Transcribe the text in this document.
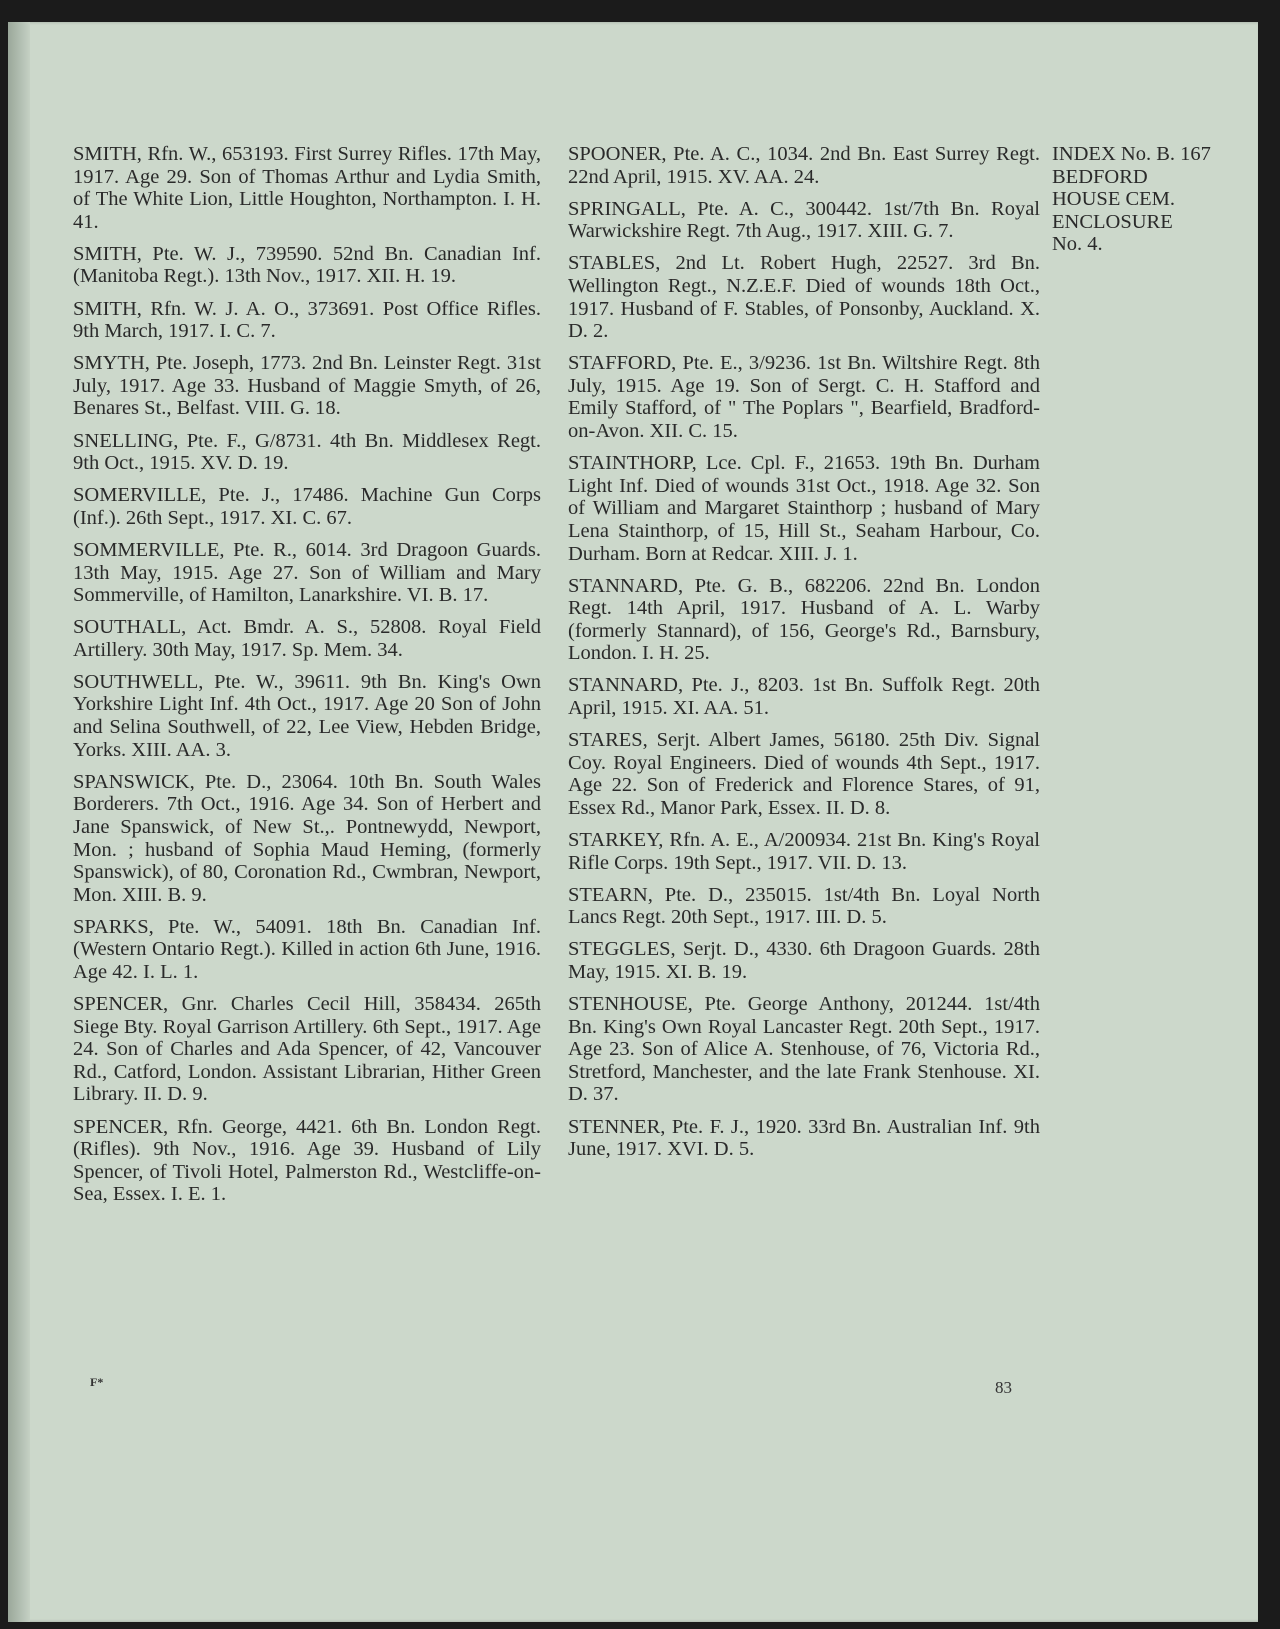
SMITH, Rfn. W., 653193. First Surrey Rifles. 17th May, 1917. Age 29. Son of Thomas Arthur and Lydia Smith, of The White Lion, Little Houghton, Northampton. I. H. 41.

SMITH, Pte. W. J., 739590. 52nd Bn. Canadian Inf. (Manitoba Regt.). 13th Nov., 1917. XII. H. 19.

SMITH, Rfn. W. J. A. O., 373691. Post Office Rifles. 9th March, 1917. I. C. 7.

SMYTH, Pte. Joseph, 1773. 2nd Bn. Leinster Regt. 31st July, 1917. Age 33. Husband of Maggie Smyth, of 26, Benares St., Belfast. VIII. G. 18.

SNELLING, Pte. F., G/8731. 4th Bn. Middlesex Regt. 9th Oct., 1915. XV. D. 19.

SOMERVILLE, Pte. J., 17486. Machine Gun Corps (Inf.). 26th Sept., 1917. XI. C. 67.

SOMMERVILLE, Pte. R., 6014. 3rd Dragoon Guards. 13th May, 1915. Age 27. Son of William and Mary Sommerville, of Hamilton, Lanarkshire. VI. B. 17.

SOUTHALL, Act. Bmdr. A. S., 52808. Royal Field Artillery. 30th May, 1917. Sp. Mem. 34.

SOUTHWELL, Pte. W., 39611. 9th Bn. King's Own Yorkshire Light Inf. 4th Oct., 1917. Age 20 Son of John and Selina Southwell, of 22, Lee View, Hebden Bridge, Yorks. XIII. AA. 3.

SPANSWICK, Pte. D., 23064. 10th Bn. South Wales Borderers. 7th Oct., 1916. Age 34. Son of Herbert and Jane Spanswick, of New St.,. Pontnewydd, Newport, Mon. ; husband of Sophia Maud Heming, (formerly Spanswick), of 80, Coronation Rd., Cwmbran, Newport, Mon. XIII. B. 9.

SPARKS, Pte. W., 54091. 18th Bn. Canadian Inf. (Western Ontario Regt.). Killed in action 6th June, 1916. Age 42. I. L. 1.

SPENCER, Gnr. Charles Cecil Hill, 358434. 265th Siege Bty. Royal Garrison Artillery. 6th Sept., 1917. Age 24. Son of Charles and Ada Spencer, of 42, Vancouver Rd., Catford, London. Assistant Librarian, Hither Green Library. II. D. 9.

SPENCER, Rfn. George, 4421. 6th Bn. London Regt. (Rifles). 9th Nov., 1916. Age 39. Husband of Lily Spencer, of Tivoli Hotel, Palmerston Rd., Westcliffe-on-Sea, Essex. I. E. 1.

SPOONER, Pte. A. C., 1034. 2nd Bn. East Surrey Regt. 22nd April, 1915. XV. AA. 24.

SPRINGALL, Pte. A. C., 300442. 1st/7th Bn. Royal Warwickshire Regt. 7th Aug., 1917. XIII. G. 7.

STABLES, 2nd Lt. Robert Hugh, 22527. 3rd Bn. Wellington Regt., N.Z.E.F. Died of wounds 18th Oct., 1917. Husband of F. Stables, of Ponsonby, Auckland. X. D. 2.

STAFFORD, Pte. E., 3/9236. 1st Bn. Wiltshire Regt. 8th July, 1915. Age 19. Son of Sergt. C. H. Stafford and Emily Stafford, of " The Poplars ", Bearfield, Bradford-on-Avon. XII. C. 15.

STAINTHORP, Lce. Cpl. F., 21653. 19th Bn. Durham Light Inf. Died of wounds 31st Oct., 1918. Age 32. Son of William and Margaret Stainthorp ; husband of Mary Lena Stainthorp, of 15, Hill St., Seaham Harbour, Co. Durham. Born at Redcar. XIII. J. 1.

STANNARD, Pte. G. B., 682206. 22nd Bn. London Regt. 14th April, 1917. Husband of A. L. Warby (formerly Stannard), of 156, George's Rd., Barnsbury, London. I. H. 25.

STANNARD, Pte. J., 8203. 1st Bn. Suffolk Regt. 20th April, 1915. XI. AA. 51.

STARES, Serjt. Albert James, 56180. 25th Div. Signal Coy. Royal Engineers. Died of wounds 4th Sept., 1917. Age 22. Son of Frederick and Florence Stares, of 91, Essex Rd., Manor Park, Essex. II. D. 8.

STARKEY, Rfn. A. E., A/200934. 21st Bn. King's Royal Rifle Corps. 19th Sept., 1917. VII. D. 13.

STEARN, Pte. D., 235015. 1st/4th Bn. Loyal North Lancs Regt. 20th Sept., 1917. III. D. 5.

STEGGLES, Serjt. D., 4330. 6th Dragoon Guards. 28th May, 1915. XI. B. 19.

STENHOUSE, Pte. George Anthony, 201244. 1st/4th Bn. King's Own Royal Lancaster Regt. 20th Sept., 1917. Age 23. Son of Alice A. Stenhouse, of 76, Victoria Rd., Stretford, Manchester, and the late Frank Stenhouse. XI. D. 37.

STENNER, Pte. F. J., 1920. 33rd Bn. Australian Inf. 9th June, 1917. XVI. D. 5.

INDEX No. B. 167
BEDFORD
HOUSE CEM.
ENCLOSURE
No. 4.
F*	83
